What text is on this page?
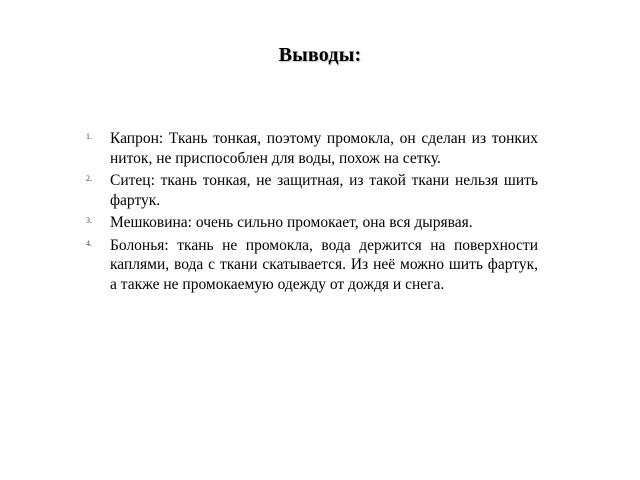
Выводы:
1. Капрон: Ткань тонкая, поэтому промокла, он сделан из тонких ниток, не приспособлен для воды, похож на сетку.
2. Ситец: ткань тонкая, не защитная, из такой ткани нельзя шить фартук.
3. Мешковина: очень сильно промокает, она вся дырявая.
4. Болонья: ткань не промокла, вода держится на поверхности каплями, вода с ткани скатывается. Из неё можно шить фартук, а также не промокаемую одежду от дождя и снега.
